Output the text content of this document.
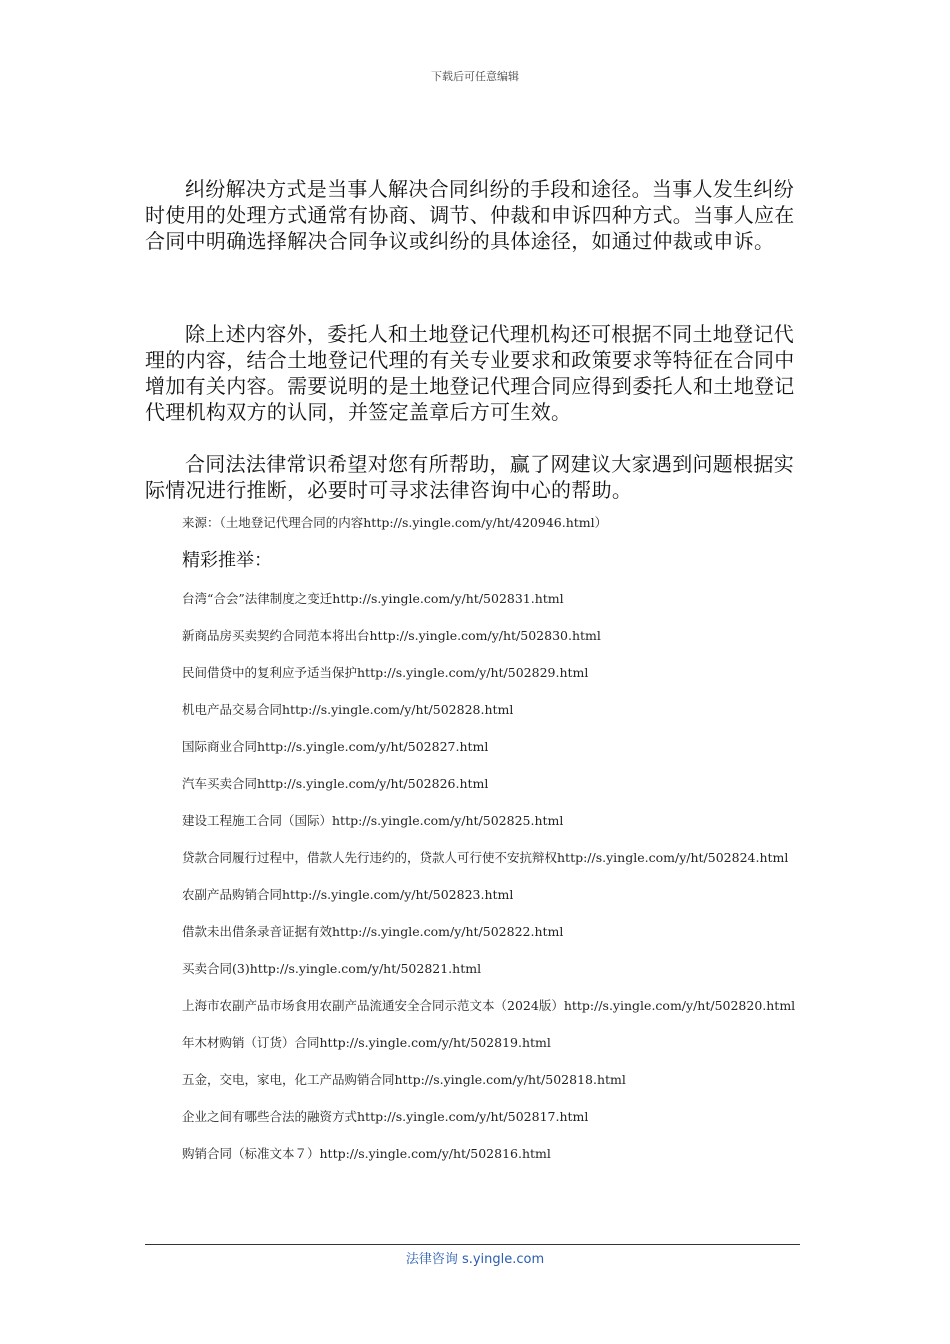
下载后可任意编辑

纠纷解决方式是当事人解决合同纠纷的手段和途径。当事人发生纠纷时使用的处理方式通常有协商、调节、仲裁和申诉四种方式。当事人应在合同中明确选择解决合同争议或纠纷的具体途径，如通过仲裁或申诉。

除上述内容外，委托人和土地登记代理机构还可根据不同土地登记代理的内容，结合土地登记代理的有关专业要求和政策要求等特征在合同中增加有关内容。需要说明的是土地登记代理合同应得到委托人和土地登记代理机构双方的认同，并签定盖章后方可生效。

合同法法律常识希望对您有所帮助，赢了网建议大家遇到问题根据实际情况进行推断，必要时可寻求法律咨询中心的帮助。

来源：（土地登记代理合同的内容http://s.yingle.com/y/ht/420946.html）
精彩推举：
台湾“合会”法律制度之变迁http://s.yingle.com/y/ht/502831.html
新商品房买卖契约合同范本将出台http://s.yingle.com/y/ht/502830.html
民间借贷中的复利应予适当保护http://s.yingle.com/y/ht/502829.html
机电产品交易合同http://s.yingle.com/y/ht/502828.html
国际商业合同http://s.yingle.com/y/ht/502827.html
汽车买卖合同http://s.yingle.com/y/ht/502826.html
建设工程施工合同（国际）http://s.yingle.com/y/ht/502825.html
贷款合同履行过程中，借款人先行违约的，贷款人可行使不安抗辩权http://s.yingle.com/y/ht/502824.html
农副产品购销合同http://s.yingle.com/y/ht/502823.html
借款未出借条录音证据有效http://s.yingle.com/y/ht/502822.html
买卖合同(3)http://s.yingle.com/y/ht/502821.html
上海市农副产品市场食用农副产品流通安全合同示范文本（2024版）http://s.yingle.com/y/ht/502820.html
年木材购销（订货）合同http://s.yingle.com/y/ht/502819.html
五金，交电，家电，化工产品购销合同http://s.yingle.com/y/ht/502818.html
企业之间有哪些合法的融资方式http://s.yingle.com/y/ht/502817.html
购销合同（标准文本７）http://s.yingle.com/y/ht/502816.html
法律咨询 s.yingle.com
